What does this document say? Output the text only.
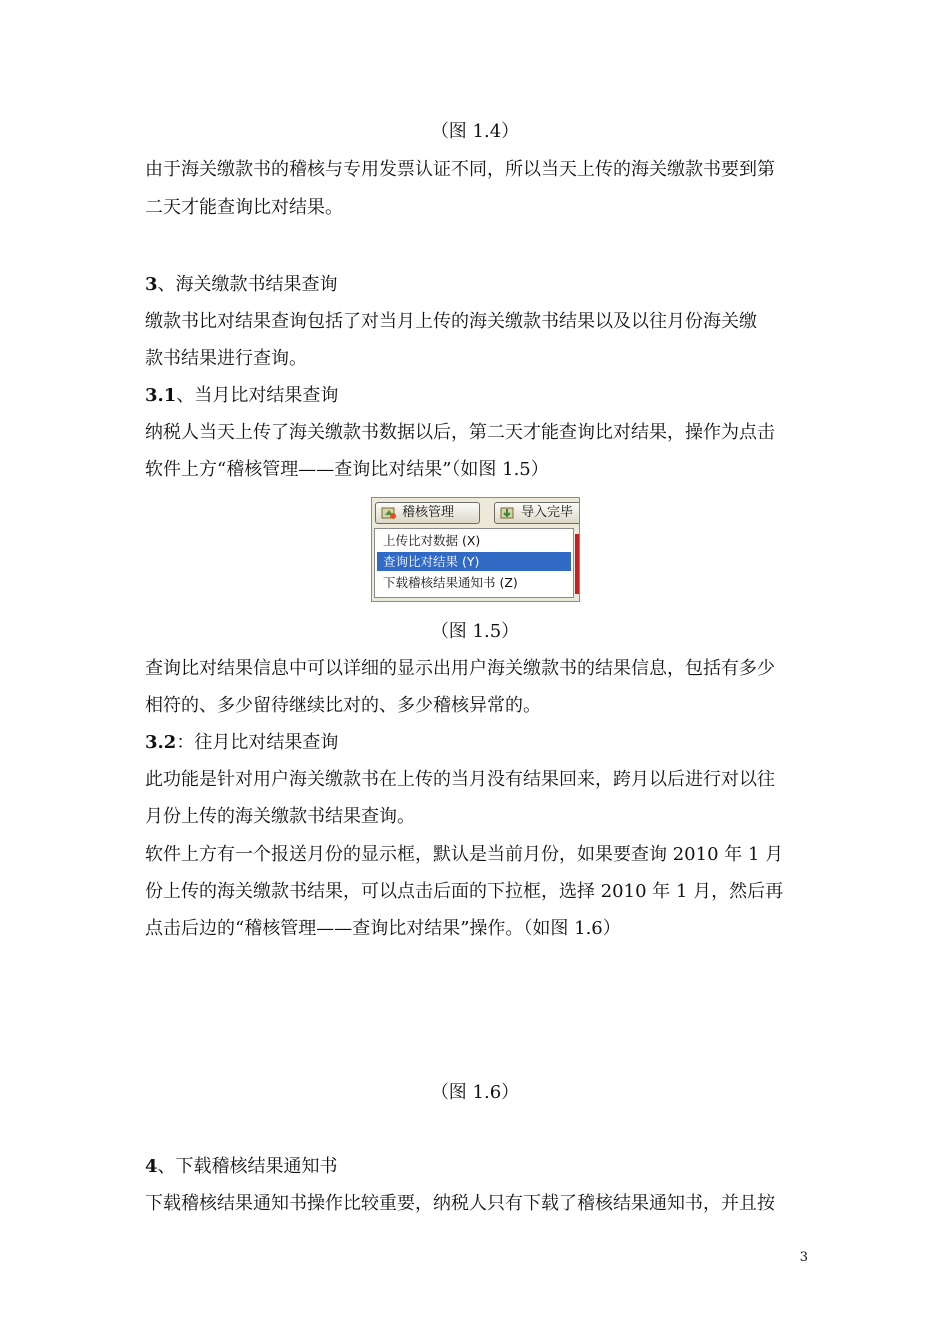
（图 1.4）
由于海关缴款书的稽核与专用发票认证不同，所以当天上传的海关缴款书要到第
二天才能查询比对结果。
3、海关缴款书结果查询
缴款书比对结果查询包括了对当月上传的海关缴款书结果以及以往月份海关缴
款书结果进行查询。
3.1、当月比对结果查询
纳税人当天上传了海关缴款书数据以后，第二天才能查询比对结果，操作为点击
软件上方“稽核管理——查询比对结果”（如图 1.5）
稽核管理	导入完毕
上传比对数据 (X)
查询比对结果 (Y)
下载稽核结果通知书 (Z)
（图 1.5）
查询比对结果信息中可以详细的显示出用户海关缴款书的结果信息，包括有多少
相符的、多少留待继续比对的、多少稽核异常的。
3.2：往月比对结果查询
此功能是针对用户海关缴款书在上传的当月没有结果回来，跨月以后进行对以往
月份上传的海关缴款书结果查询。
软件上方有一个报送月份的显示框，默认是当前月份，如果要查询 2010 年 1 月
份上传的海关缴款书结果，可以点击后面的下拉框，选择 2010 年 1 月，然后再
点击后边的“稽核管理——查询比对结果”操作。（如图 1.6）
（图 1.6）
4、下载稽核结果通知书
下载稽核结果通知书操作比较重要，纳税人只有下载了稽核结果通知书，并且按
3
